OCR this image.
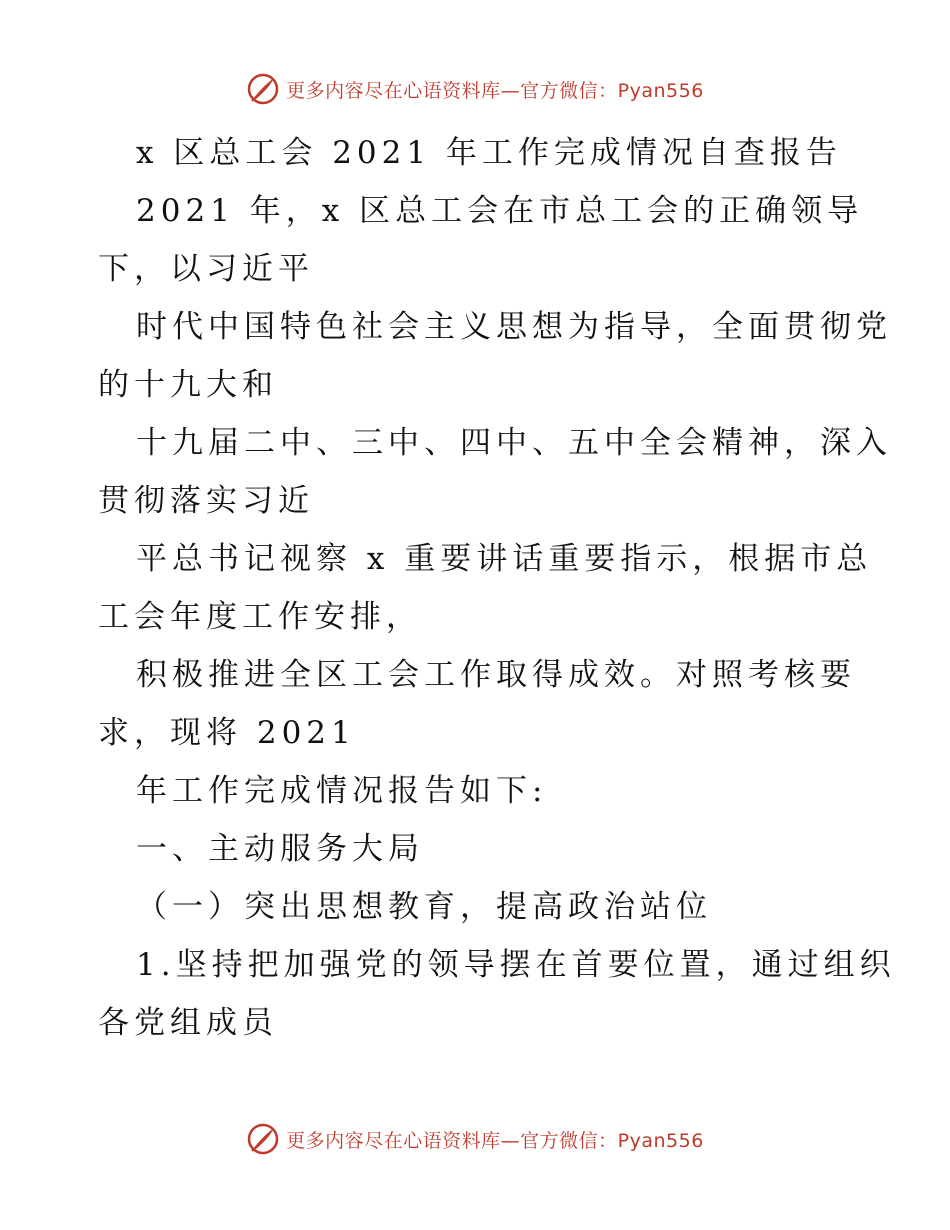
更多内容尽在心语资料库—官方微信：Pyan556
x 区总工会 2021 年工作完成情况自查报告
2021 年，x 区总工会在市总工会的正确领导
下，以习近平
时代中国特色社会主义思想为指导，全面贯彻党
的十九大和
十九届二中、三中、四中、五中全会精神，深入
贯彻落实习近
平总书记视察 x 重要讲话重要指示，根据市总
工会年度工作安排，
积极推进全区工会工作取得成效。对照考核要
求，现将 2021
年工作完成情况报告如下:
一、主动服务大局
（一）突出思想教育，提高政治站位
1.坚持把加强党的领导摆在首要位置，通过组织
各党组成员
更多内容尽在心语资料库—官方微信：Pyan556
